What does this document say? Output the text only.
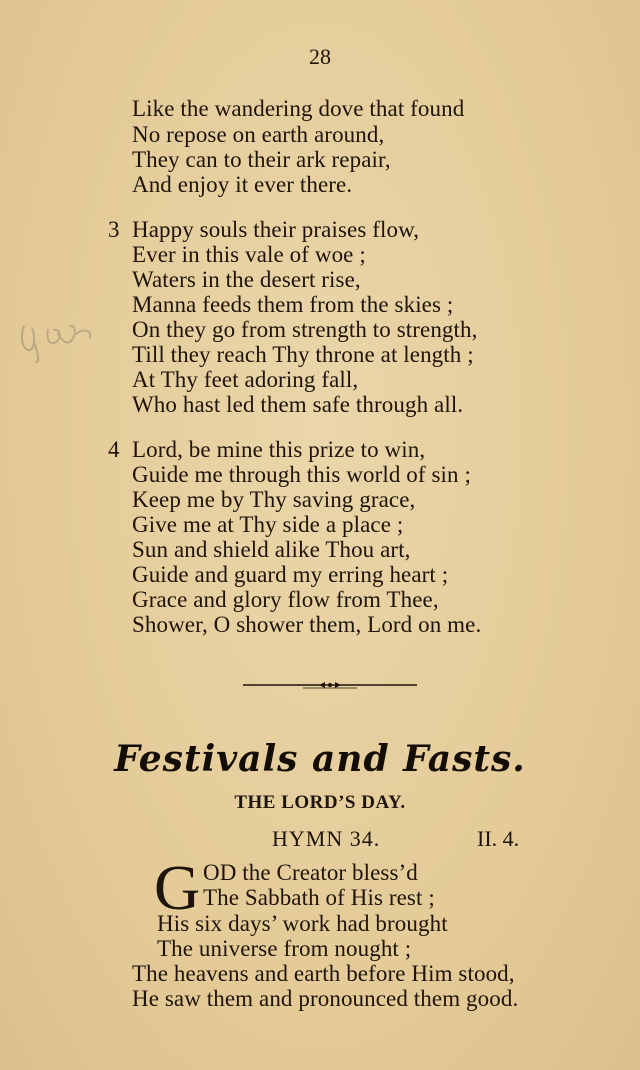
28
Like the wandering dove that found
No repose on earth around,
They can to their ark repair,
And enjoy it ever there.
3 Happy souls their praises flow,
Ever in this vale of woe ;
Waters in the desert rise,
Manna feeds them from the skies ;
On they go from strength to strength,
Till they reach Thy throne at length ;
At Thy feet adoring fall,
Who hast led them safe through all.
4 Lord, be mine this prize to win,
Guide me through this world of sin ;
Keep me by Thy saving grace,
Give me at Thy side a place ;
Sun and shield alike Thou art,
Guide and guard my erring heart ;
Grace and glory flow from Thee,
Shower, O shower them, Lord on me.
Festivals and Fasts.
THE LORD’S DAY.
HYMN 34.	II. 4.
G OD the Creator bless’d
The Sabbath of His rest ;
His six days’ work had brought
The universe from nought ;
The heavens and earth before Him stood,
He saw them and pronounced them good.
